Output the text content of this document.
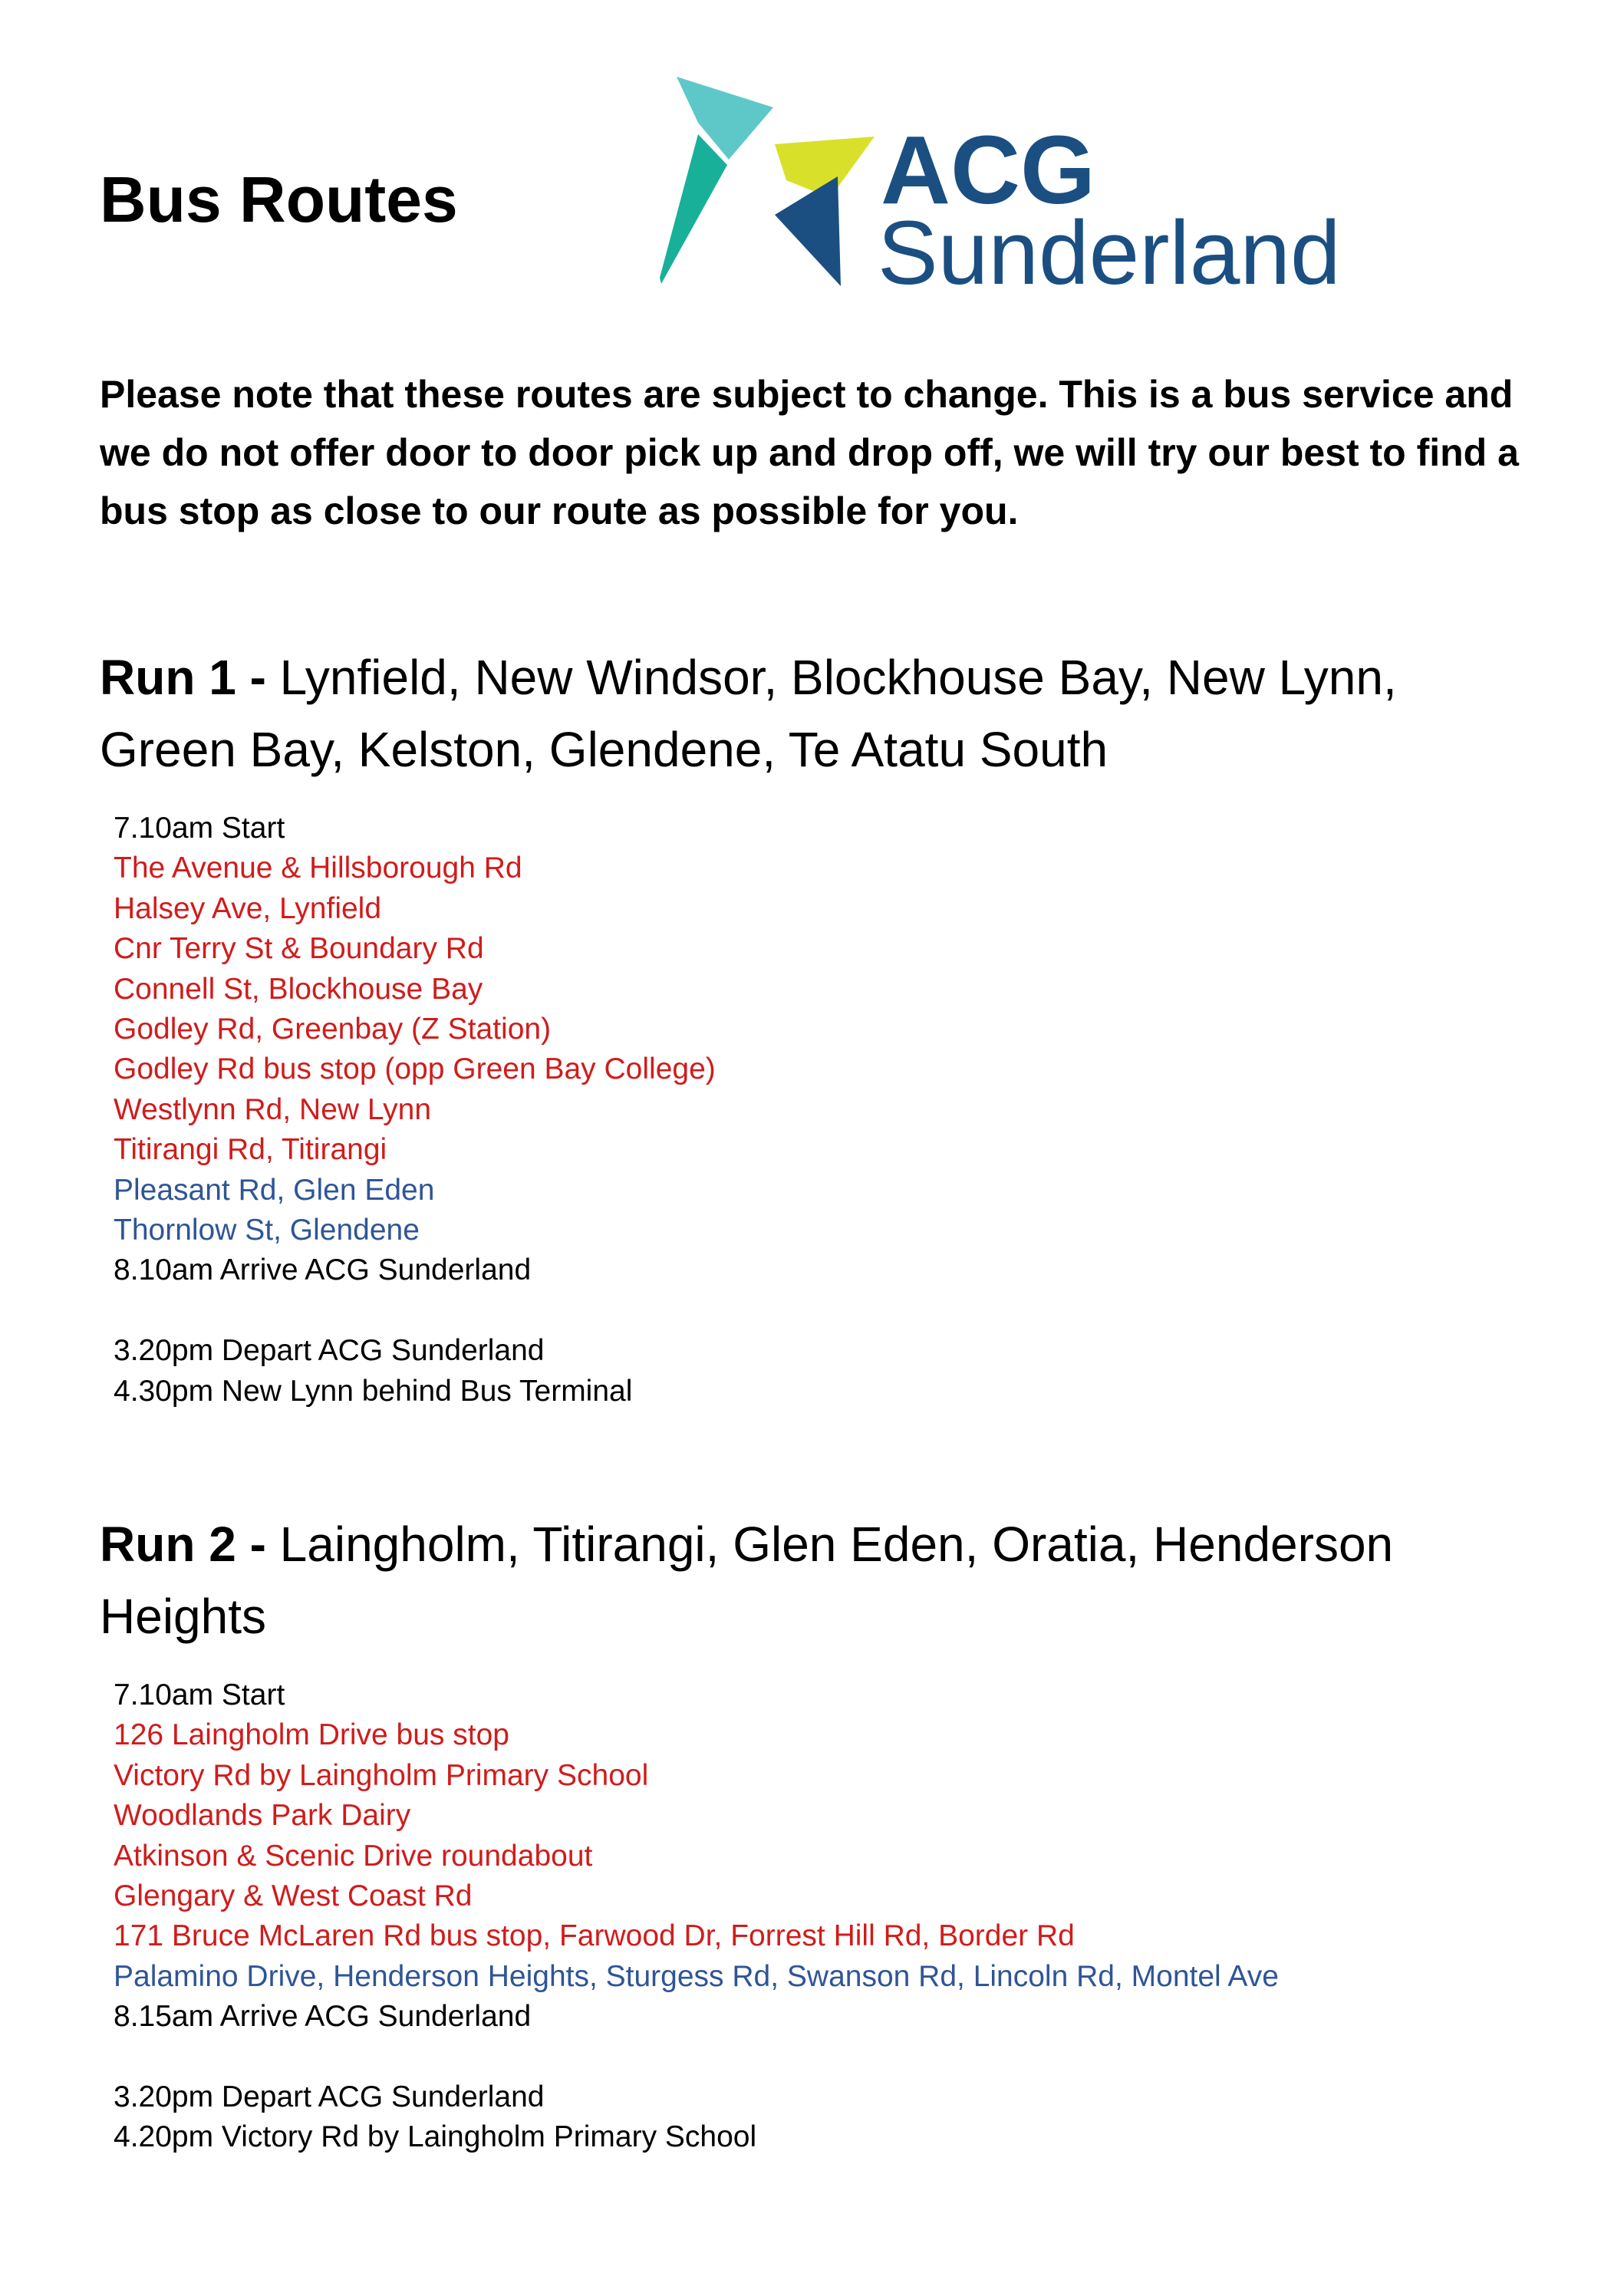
Bus Routes	ACG
Sunderland

Please note that these routes are subject to change. This is a bus service and we do not offer door to door pick up and drop off, we will try our best to find a bus stop as close to our route as possible for you.

Run 1 - Lynfield, New Windsor, Blockhouse Bay, New Lynn, Green Bay, Kelston, Glendene, Te Atatu South
7.10am Start
The Avenue & Hillsborough Rd
Halsey Ave, Lynfield
Cnr Terry St & Boundary Rd
Connell St, Blockhouse Bay
Godley Rd, Greenbay (Z Station)
Godley Rd bus stop (opp Green Bay College)
Westlynn Rd, New Lynn
Titirangi Rd, Titirangi
Pleasant Rd, Glen Eden
Thornlow St, Glendene
8.10am Arrive ACG Sunderland
3.20pm Depart ACG Sunderland
4.30pm New Lynn behind Bus Terminal
Run 2 - Laingholm, Titirangi, Glen Eden, Oratia, Henderson Heights
7.10am Start
126 Laingholm Drive bus stop
Victory Rd by Laingholm Primary School
Woodlands Park Dairy
Atkinson & Scenic Drive roundabout
Glengary & West Coast Rd
171 Bruce McLaren Rd bus stop, Farwood Dr, Forrest Hill Rd, Border Rd
Palamino Drive, Henderson Heights, Sturgess Rd, Swanson Rd, Lincoln Rd, Montel Ave
8.15am Arrive ACG Sunderland
3.20pm Depart ACG Sunderland
4.20pm Victory Rd by Laingholm Primary School
